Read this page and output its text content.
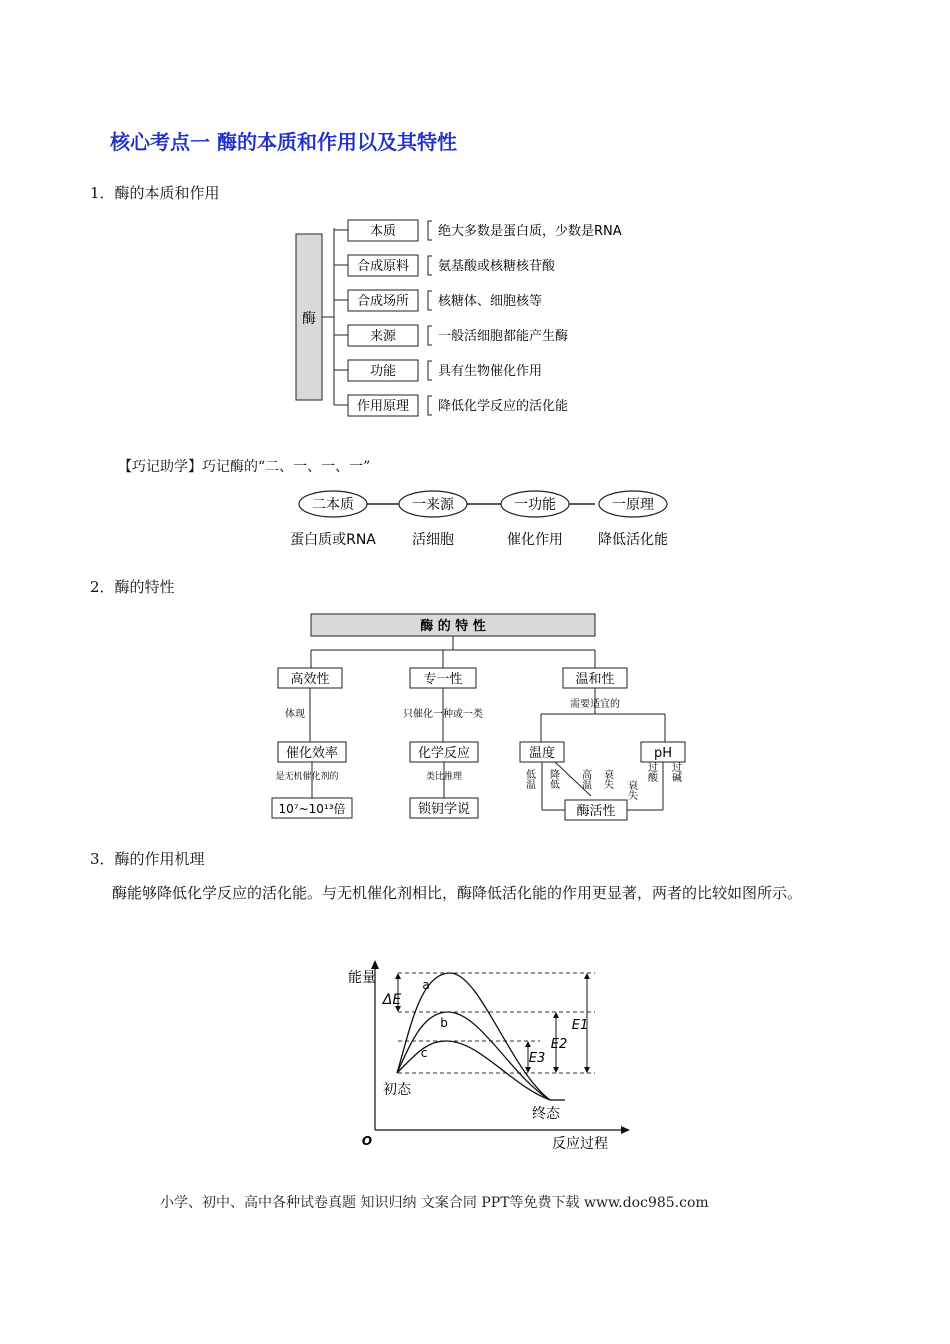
核心考点一 酶的本质和作用以及其特性
1．酶的本质和作用
酶
本质	绝大多数是蛋白质，少数是RNA
合成原料 氨基酸或核糖核苷酸
合成场所 核糖体、细胞核等
来源	一般活细胞都能产生酶
功能	具有生物催化作用
作用原理 降低化学反应的活化能
【巧记助学】巧记酶的“二、一、一、一”
二本质
蛋白质或RNA
一来源
活细胞
一功能
催化作用
一原理
降低活化能
2．酶的特性
酶 的 特 性
高效性
体现
催化效率
是无机催化剂的
10⁷~10¹³倍
专一性
只催化一种或一类
化学反应
类比推理
锁钥学说
温和性
需要适宜的
温度	pH
酶活性
低温 降低 高温 衰失	过酸 过碱
衰失
3．酶的作用机理
酶能够降低化学反应的活化能。与无机催化剂相比，酶降低活化能的作用更显著，两者的比较如图所示。
能量
反应过程
O
初态
终态
a
b
c
ΔE
E1
E2
E3
小学、初中、高中各种试卷真题 知识归纳 文案合同 PPT等免费下载 www.doc985.com
